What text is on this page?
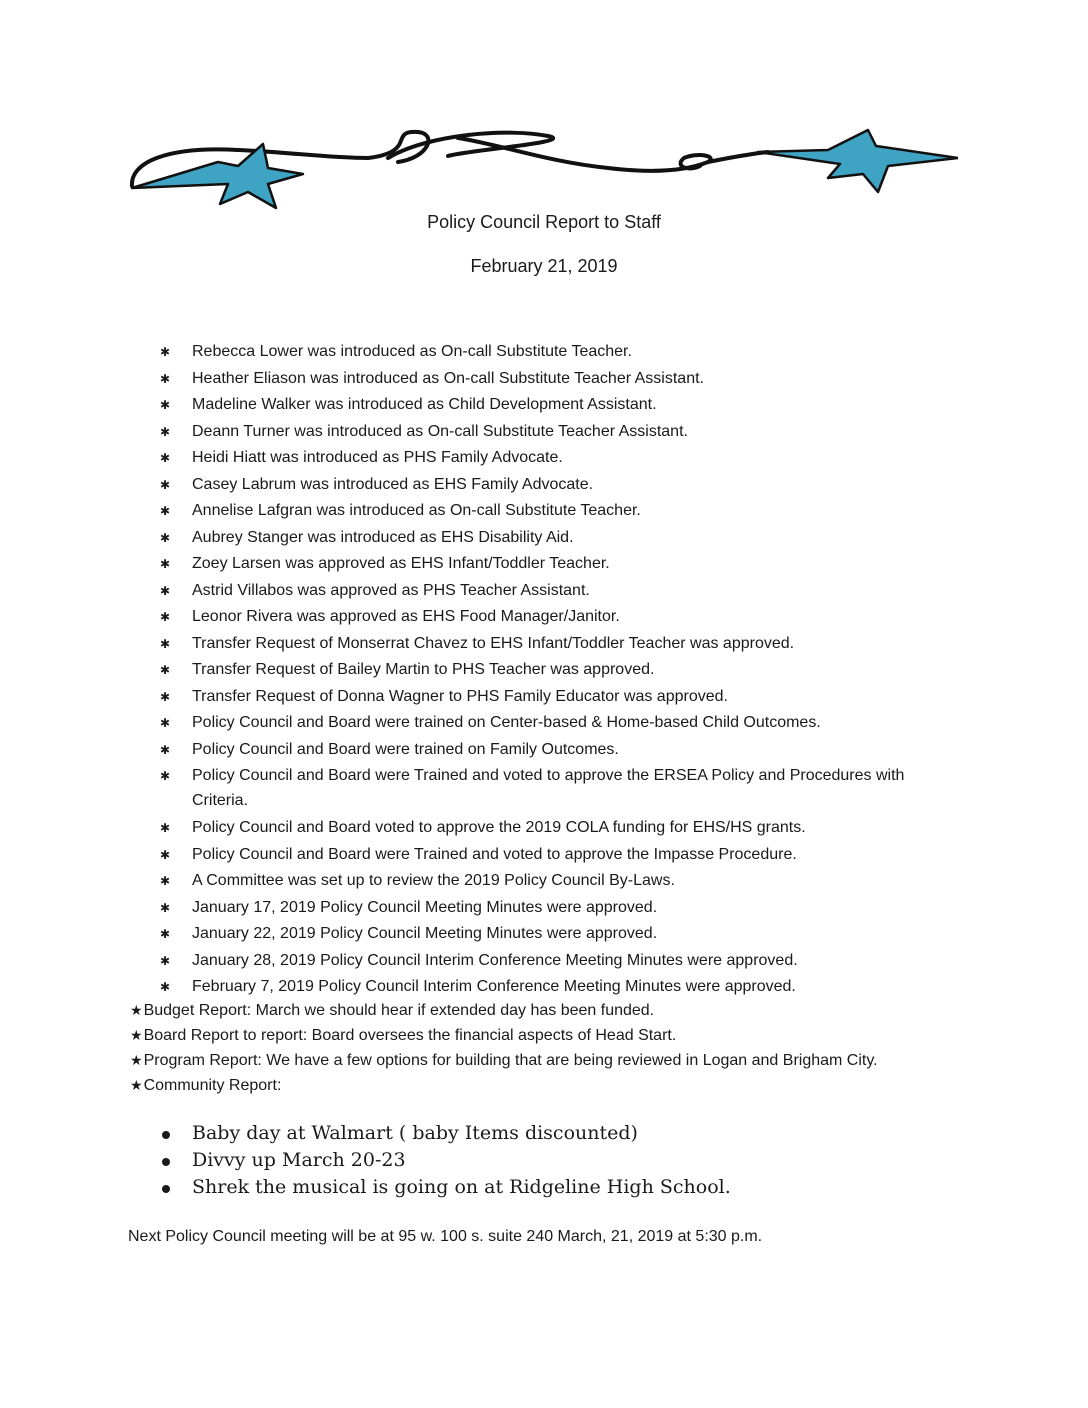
Policy Council Report to Staff
February 21, 2019
✱ Rebecca Lower was introduced as On-call Substitute Teacher.
✱ Heather Eliason was introduced as On-call Substitute Teacher Assistant.
✱ Madeline Walker was introduced as Child Development Assistant.
✱ Deann Turner was introduced as On-call Substitute Teacher Assistant.
✱ Heidi Hiatt was introduced as PHS Family Advocate.
✱ Casey Labrum was introduced as EHS Family Advocate.
✱ Annelise Lafgran was introduced as On-call Substitute Teacher.
✱ Aubrey Stanger was introduced as EHS Disability Aid.
✱ Zoey Larsen was approved as EHS Infant/Toddler Teacher.
✱ Astrid Villabos was approved as PHS Teacher Assistant.
✱ Leonor Rivera was approved as EHS Food Manager/Janitor.
✱ Transfer Request of Monserrat Chavez to EHS Infant/Toddler Teacher was approved.
✱ Transfer Request of Bailey Martin to PHS Teacher was approved.
✱ Transfer Request of Donna Wagner to PHS Family Educator was approved.
✱ Policy Council and Board were trained on Center-based & Home-based Child Outcomes.
✱ Policy Council and Board were trained on Family Outcomes.
✱ Policy Council and Board were Trained and voted to approve the ERSEA Policy and Procedures with Criteria.
✱ Policy Council and Board voted to approve the 2019 COLA funding for EHS/HS grants.
✱ Policy Council and Board were Trained and voted to approve the Impasse Procedure.
✱ A Committee was set up to review the 2019 Policy Council By-Laws.
✱ January 17, 2019 Policy Council Meeting Minutes were approved.
✱ January 22, 2019 Policy Council Meeting Minutes were approved.
✱ January 28, 2019 Policy Council Interim Conference Meeting Minutes were approved.
✱ February 7, 2019 Policy Council Interim Conference Meeting Minutes were approved.
★Budget Report: March we should hear if extended day has been funded.
★Board Report to report: Board oversees the financial aspects of Head Start.
★Program Report: We have a few options for building that are being reviewed in Logan and Brigham City.
★Community Report:
Baby day at Walmart ( baby Items discounted)
Divvy up March 20-23
Shrek the musical is going on at Ridgeline High School.
Next Policy Council meeting will be at 95 w. 100 s. suite 240 March, 21, 2019 at 5:30 p.m.
